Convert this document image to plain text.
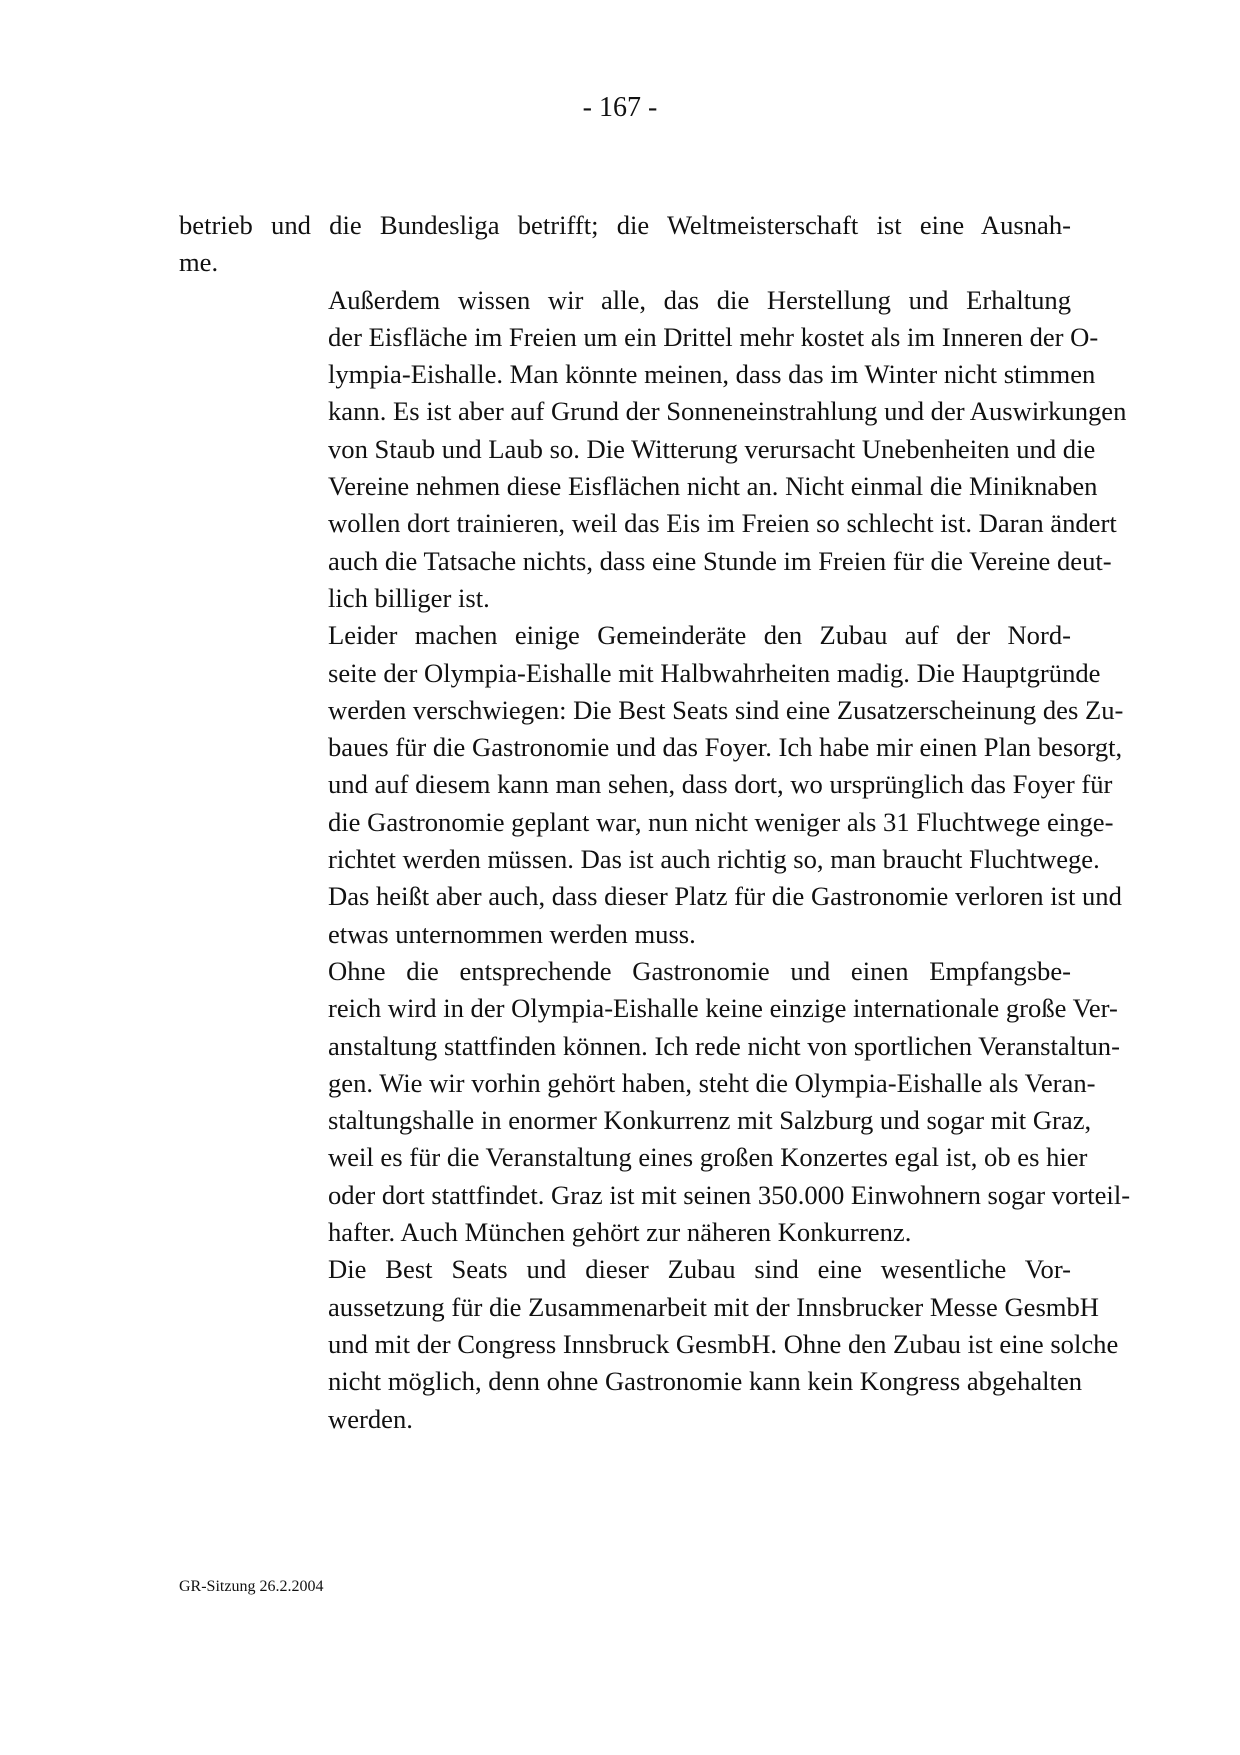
- 167 -

betrieb und die Bundesliga betrifft; die Weltmeisterschaft ist eine Ausnah-
me.

Außerdem wissen wir alle, das die Herstellung und Erhaltung
der Eisfläche im Freien um ein Drittel mehr kostet als im Inneren der O-
lympia-Eishalle. Man könnte meinen, dass das im Winter nicht stimmen
kann. Es ist aber auf Grund der Sonneneinstrahlung und der Auswirkungen
von Staub und Laub so. Die Witterung verursacht Unebenheiten und die
Vereine nehmen diese Eisflächen nicht an. Nicht einmal die Miniknaben
wollen dort trainieren, weil das Eis im Freien so schlecht ist. Daran ändert
auch die Tatsache nichts, dass eine Stunde im Freien für die Vereine deut-
lich billiger ist.

Leider machen einige Gemeinderäte den Zubau auf der Nord-
seite der Olympia-Eishalle mit Halbwahrheiten madig. Die Hauptgründe
werden verschwiegen: Die Best Seats sind eine Zusatzerscheinung des Zu-
baues für die Gastronomie und das Foyer. Ich habe mir einen Plan besorgt,
und auf diesem kann man sehen, dass dort, wo ursprünglich das Foyer für
die Gastronomie geplant war, nun nicht weniger als 31 Fluchtwege einge-
richtet werden müssen. Das ist auch richtig so, man braucht Fluchtwege.
Das heißt aber auch, dass dieser Platz für die Gastronomie verloren ist und
etwas unternommen werden muss.

Ohne die entsprechende Gastronomie und einen Empfangsbe-
reich wird in der Olympia-Eishalle keine einzige internationale große Ver-
anstaltung stattfinden können. Ich rede nicht von sportlichen Veranstaltun-
gen. Wie wir vorhin gehört haben, steht die Olympia-Eishalle als Veran-
staltungshalle in enormer Konkurrenz mit Salzburg und sogar mit Graz,
weil es für die Veranstaltung eines großen Konzertes egal ist, ob es hier
oder dort stattfindet. Graz ist mit seinen 350.000 Einwohnern sogar vorteil-
hafter. Auch München gehört zur näheren Konkurrenz.

Die Best Seats und dieser Zubau sind eine wesentliche Vor-
aussetzung für die Zusammenarbeit mit der Innsbrucker Messe GesmbH
und mit der Congress Innsbruck GesmbH. Ohne den Zubau ist eine solche
nicht möglich, denn ohne Gastronomie kann kein Kongress abgehalten
werden.

GR-Sitzung 26.2.2004
